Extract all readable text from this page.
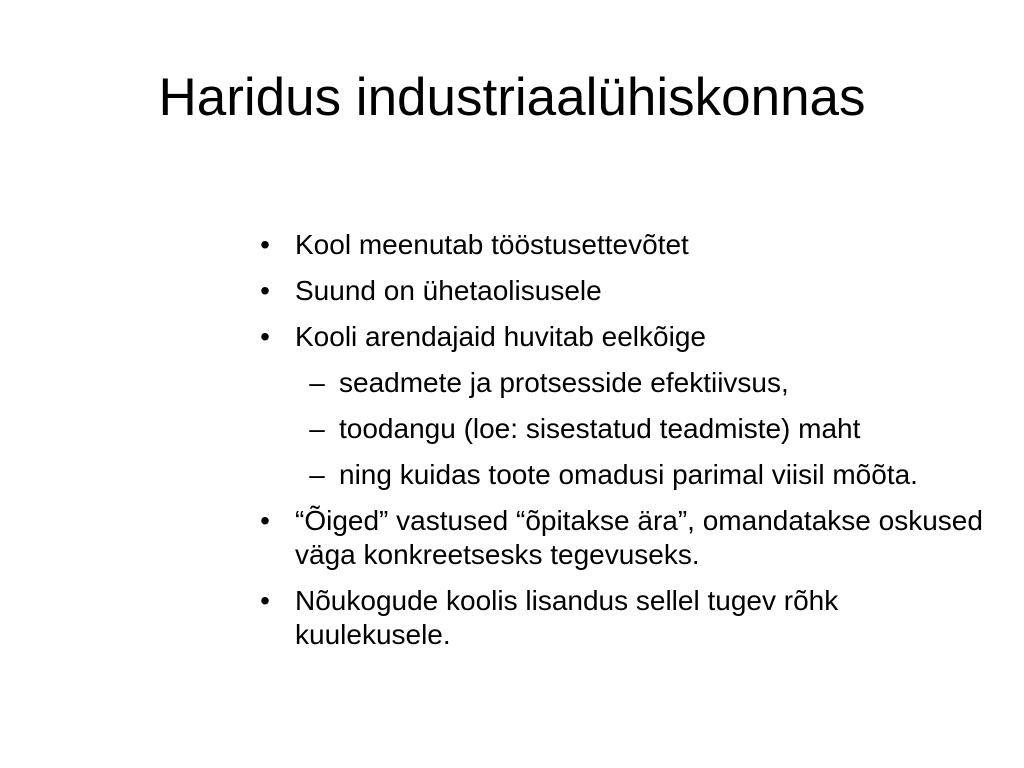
Haridus industriaalühiskonnas
• Kool meenutab tööstusettevõtet
• Suund on ühetaolisusele
• Kooli arendajaid huvitab eelkõige
– seadmete ja protsesside efektiivsus,
– toodangu (loe: sisestatud teadmiste) maht
– ning kuidas toote omadusi parimal viisil mõõta.
• “Õiged” vastused “õpitakse ära”, omandatakse oskused väga konkreetsesks tegevuseks.
• Nõukogude koolis lisandus sellel tugev rõhk kuulekusele.
